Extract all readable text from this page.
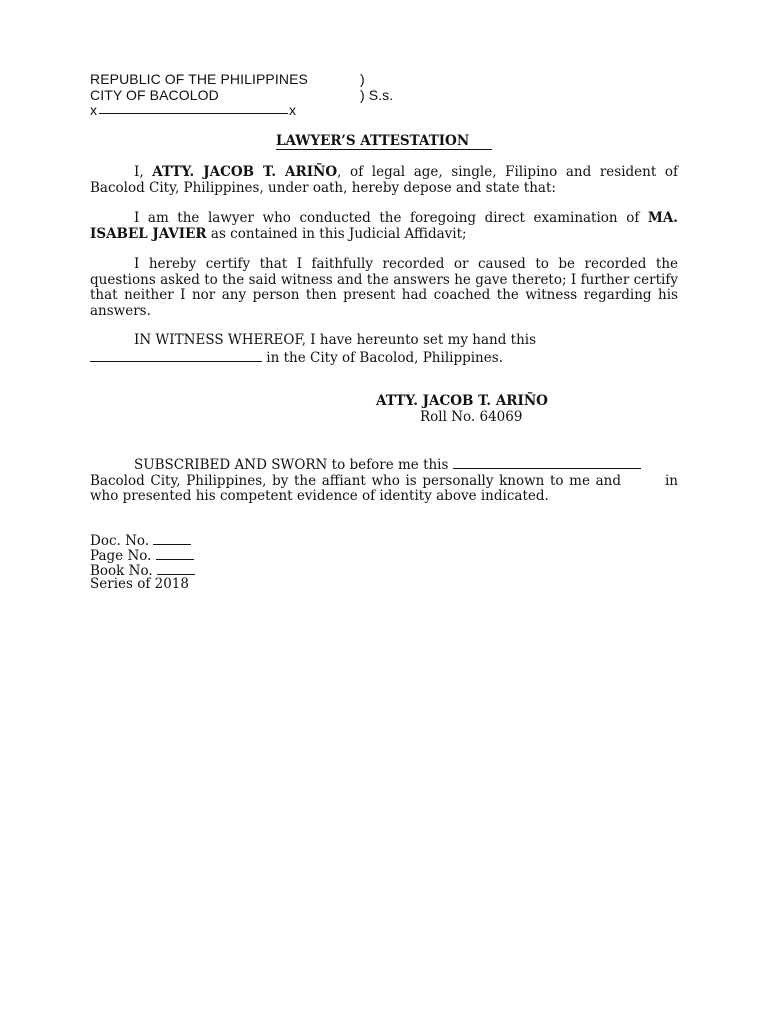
REPUBLIC OF THE PHILIPPINES	)
CITY OF BACOLOD	) S.s.
x	x
LAWYER’S ATTESTATION
I, ATTY. JACOB T. ARIÑO, of legal age, single, Filipino and resident of Bacolod City, Philippines, under oath, hereby depose and state that:
I am the lawyer who conducted the foregoing direct examination of MA. ISABEL JAVIER as contained in this Judicial Affidavit;
I hereby certify that I faithfully recorded or caused to be recorded the questions asked to the said witness and the answers he gave thereto; I further certify that neither I nor any person then present had coached the witness regarding his answers.
IN WITNESS WHEREOF, I have hereunto set my hand this
in the City of Bacolod, Philippines.
ATTY. JACOB T. ARIÑO
Roll No. 64069
SUBSCRIBED AND SWORN to before me this
in

Bacolod City, Philippines, by the affiant who is personally known to me and who presented his competent evidence of identity above indicated.
Doc. No.
Page No.
Book No.
Series of 2018
